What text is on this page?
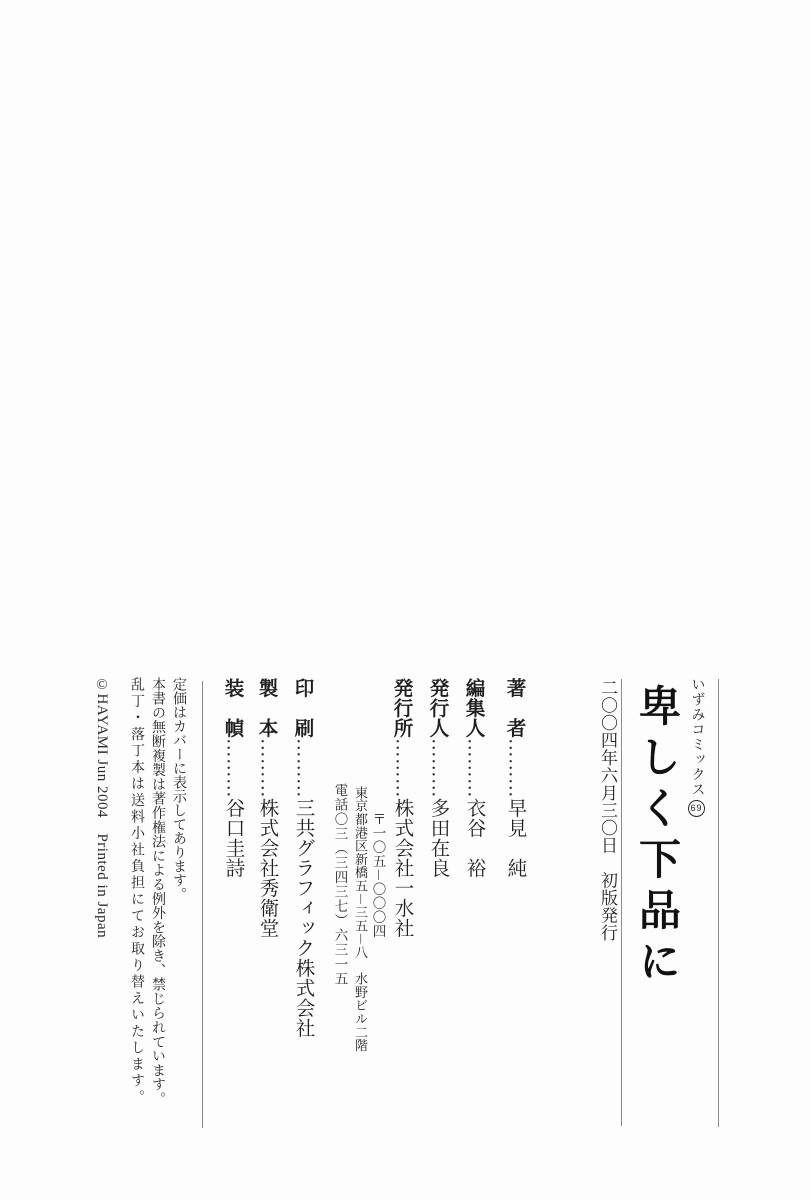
いずみコミックス69
卑しく下品に
二〇〇四年六月三〇日　初版発行
著　者………早見　純
編集人………衣谷　裕
発行人………多田在良
発行所………株式会社一水社
〒一〇五－〇〇〇四
東京都港区新橋五－三五－八　水野ビル二階
電話〇三（三四三七）六三一五
印　刷………三共グラフィック株式会社
製　本………株式会社秀衛堂
装　幀………谷口圭詩
定価はカバーに表示してあります。
本書の無断複製は著作権法による例外を除き、禁じられています。
乱丁・落丁本は送料小社負担にてお取り替えいたします。
©HAYAMI Jun 2004　Printed in Japan
